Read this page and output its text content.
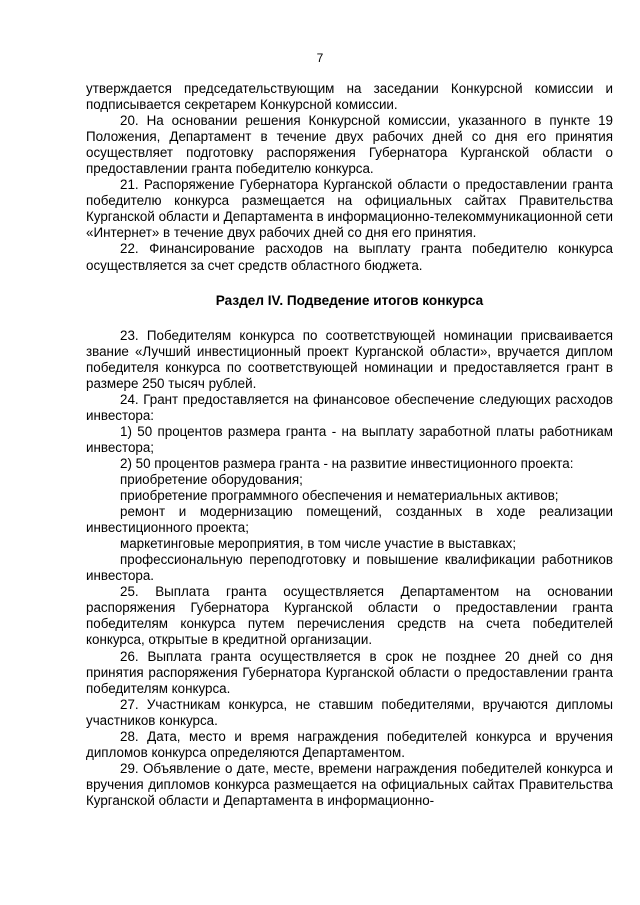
7

утверждается председательствующим на заседании Конкурсной комиссии и подписывается секретарем Конкурсной комиссии.

20. На основании решения Конкурсной комиссии, указанного в пункте 19 Положения, Департамент в течение двух рабочих дней со дня его принятия осуществляет подготовку распоряжения Губернатора Курганской области о предоставлении гранта победителю конкурса.

21. Распоряжение Губернатора Курганской области о предоставлении гранта победителю конкурса размещается на официальных сайтах Правительства Курганской области и Департамента в информационно-телекоммуникационной сети «Интернет» в течение двух рабочих дней со дня его принятия.

22. Финансирование расходов на выплату гранта победителю конкурса осуществляется за счет средств областного бюджета.

Раздел IV. Подведение итогов конкурса

23. Победителям конкурса по соответствующей номинации присваивается звание «Лучший инвестиционный проект Курганской области», вручается диплом победителя конкурса по соответствующей номинации и предоставляется грант в размере 250 тысяч рублей.

24. Грант предоставляется на финансовое обеспечение следующих расходов инвестора:

1) 50 процентов размера гранта - на выплату заработной платы работникам инвестора;

2) 50 процентов размера гранта - на развитие инвестиционного проекта:

приобретение оборудования;

приобретение программного обеспечения и нематериальных активов;

ремонт и модернизацию помещений, созданных в ходе реализации инвестиционного проекта;

маркетинговые мероприятия, в том числе участие в выставках;

профессиональную переподготовку и повышение квалификации работников инвестора.

25. Выплата гранта осуществляется Департаментом на основании распоряжения Губернатора Курганской области о предоставлении гранта победителям конкурса путем перечисления средств на счета победителей конкурса, открытые в кредитной организации.

26. Выплата гранта осуществляется в срок не позднее 20 дней со дня принятия распоряжения Губернатора Курганской области о предоставлении гранта победителям конкурса.

27. Участникам конкурса, не ставшим победителями, вручаются дипломы участников конкурса.

28. Дата, место и время награждения победителей конкурса и вручения дипломов конкурса определяются Департаментом.

29. Объявление о дате, месте, времени награждения победителей конкурса и вручения дипломов конкурса размещается на официальных сайтах Правительства Курганской области и Департамента в информационно-
